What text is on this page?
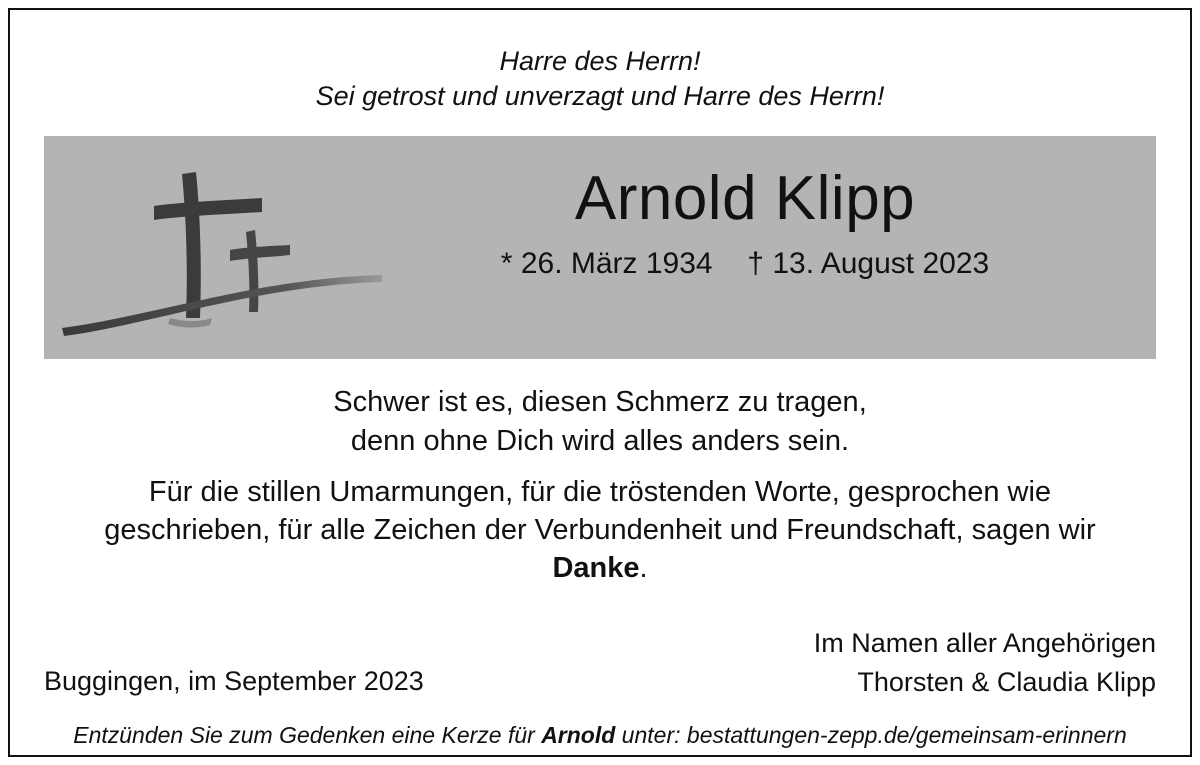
Harre des Herrn!
Sei getrost und unverzagt und Harre des Herrn!
Arnold Klipp
* 26. März 1934 † 13. August 2023
Schwer ist es, diesen Schmerz zu tragen,
denn ohne Dich wird alles anders sein.
Für die stillen Umarmungen, für die tröstenden Worte, gesprochen wie
geschrieben, für alle Zeichen der Verbundenheit und Freundschaft, sagen wir
Danke.
Im Namen aller Angehörigen
Thorsten & Claudia Klipp
Buggingen, im September 2023
Entzünden Sie zum Gedenken eine Kerze für Arnold unter: bestattungen-zepp.de/gemeinsam-erinnern
